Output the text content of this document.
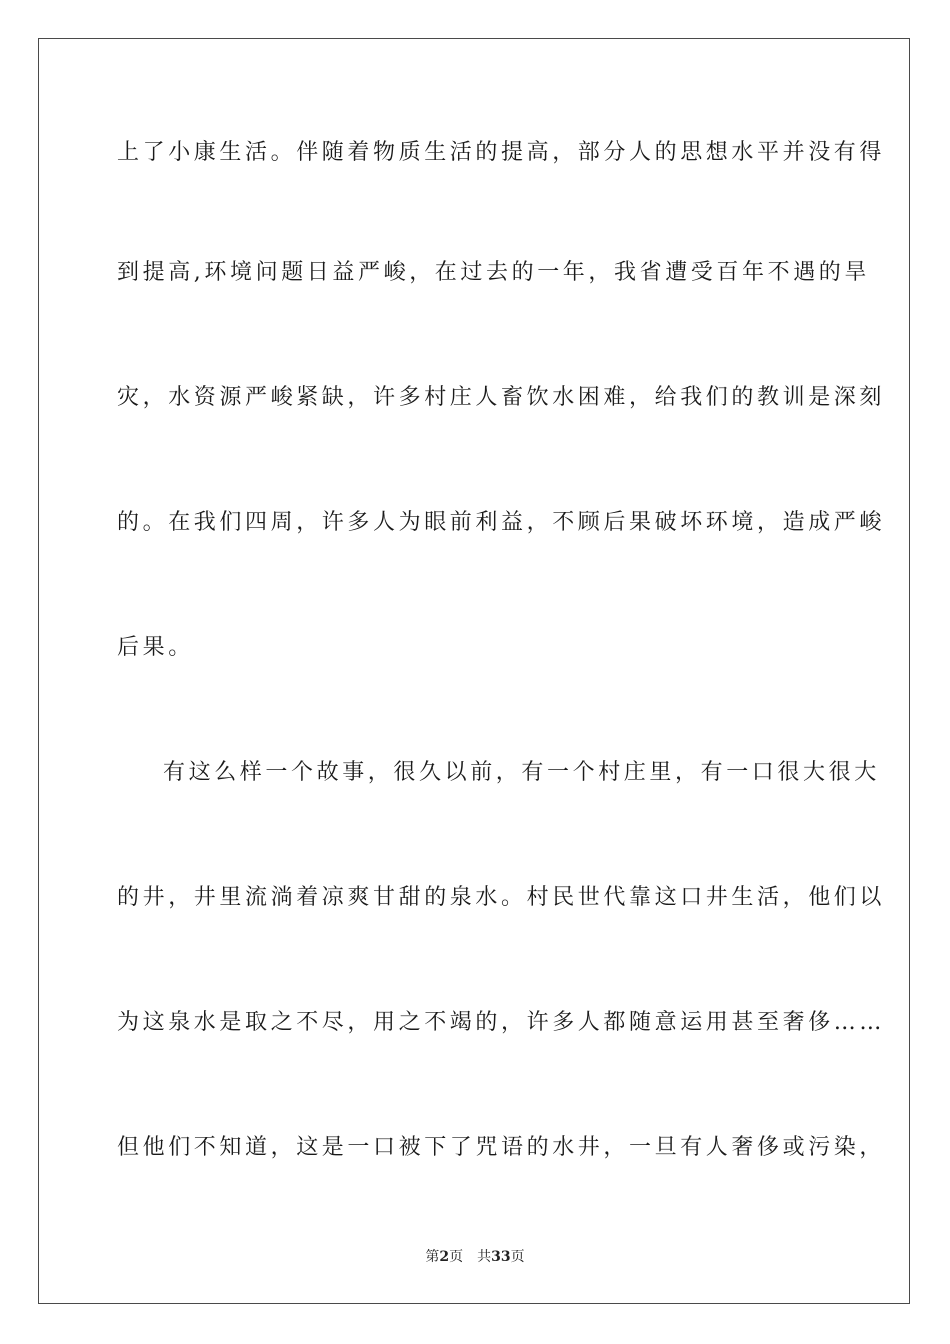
上了小康生活。伴随着物质生活的提高，部分人的思想水平并没有得
到提高,环境问题日益严峻，在过去的一年，我省遭受百年不遇的旱
灾，水资源严峻紧缺，许多村庄人畜饮水困难，给我们的教训是深刻
的。在我们四周，许多人为眼前利益，不顾后果破坏环境，造成严峻
后果。
有这么样一个故事，很久以前，有一个村庄里，有一口很大很大
的井，井里流淌着凉爽甘甜的泉水。村民世代靠这口井生活，他们以
为这泉水是取之不尽，用之不竭的，许多人都随意运用甚至奢侈……
但他们不知道，这是一口被下了咒语的水井，一旦有人奢侈或污染，
第2页 共33页
